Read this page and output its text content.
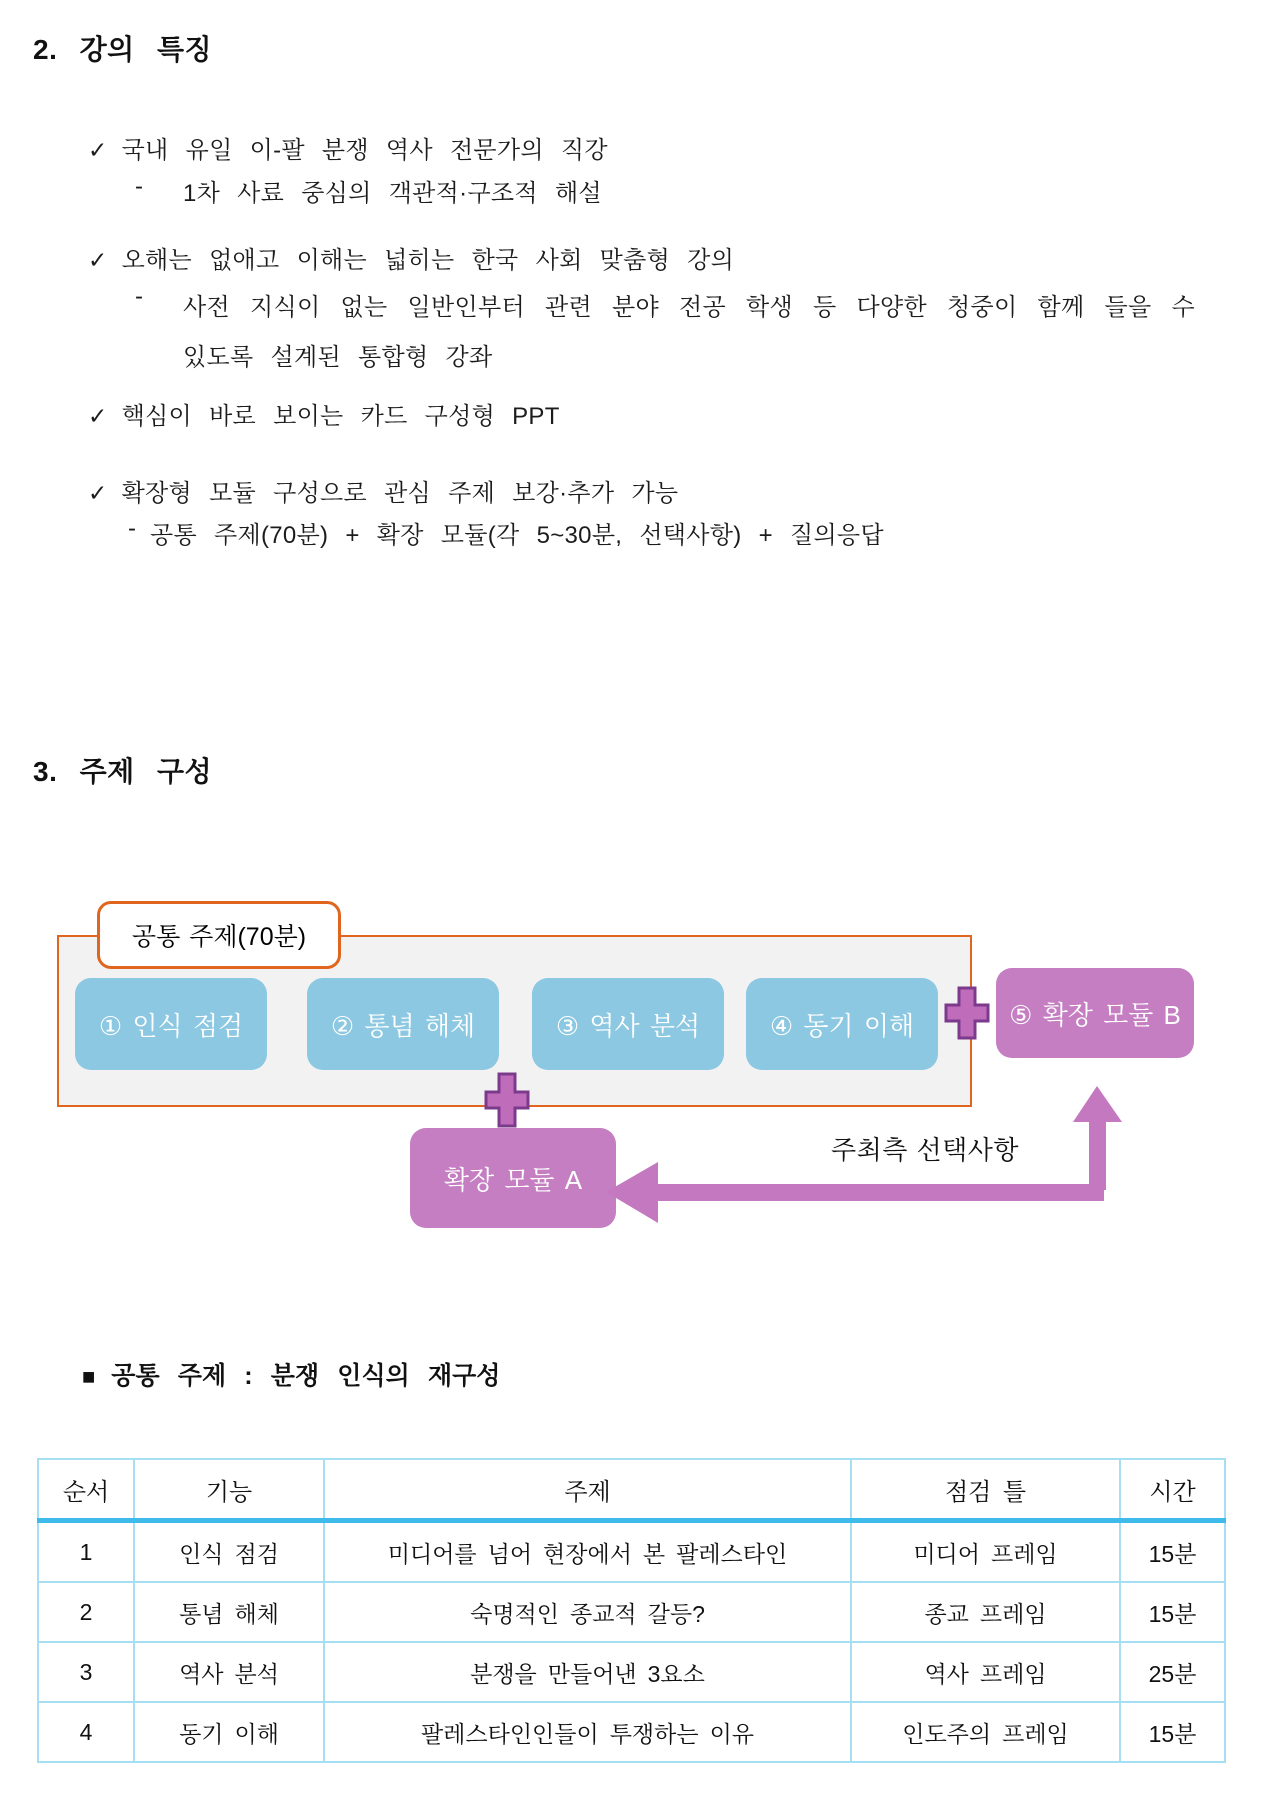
2. 강의 특징
✓ 국내 유일 이-팔 분쟁 역사 전문가의 직강
- 1차 사료 중심의 객관적·구조적 해설
✓ 오해는 없애고 이해는 넓히는 한국 사회 맞춤형 강의
- 사전 지식이 없는 일반인부터 관련 분야 전공 학생 등 다양한 청중이 함께 들을 수 있도록 설계된 통합형 강좌
✓ 핵심이 바로 보이는 카드 구성형 PPT
✓ 확장형 모듈 구성으로 관심 주제 보강·추가 가능
- 공통 주제(70분) + 확장 모듈(각 5~30분, 선택사항) + 질의응답
3. 주제 구성
공통 주제(70분)
① 인식 점검	② 통념 해체	③ 역사 분석	④ 동기 이해	⑤ 확장 모듈 B
확장 모듈 A
주최측 선택사항
■ 공통 주제 : 분쟁 인식의 재구성
순서	기능	주제	점검 틀	시간
1	인식 점검	미디어를 넘어 현장에서 본 팔레스타인	미디어 프레임	15분
2	통념 해체	숙명적인 종교적 갈등?	종교 프레임	15분
3	역사 분석	분쟁을 만들어낸 3요소	역사 프레임	25분
4	동기 이해	팔레스타인인들이 투쟁하는 이유	인도주의 프레임	15분
